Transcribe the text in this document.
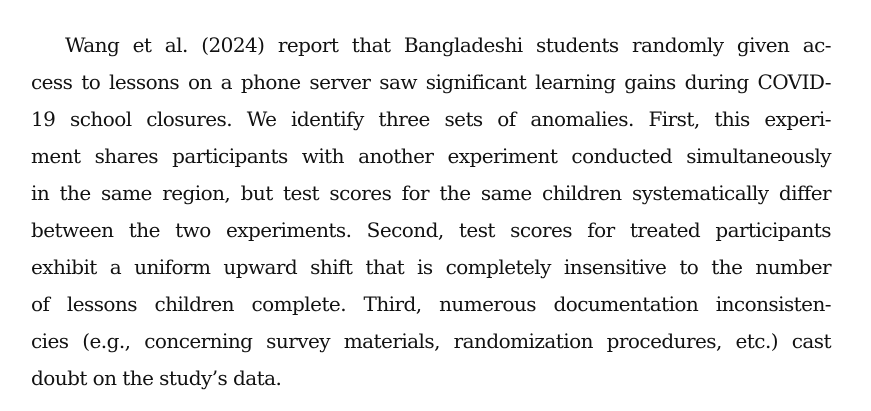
Wang et al. (2024) report that Bangladeshi students randomly given ac-
cess to lessons on a phone server saw significant learning gains during COVID-
19 school closures. We identify three sets of anomalies. First, this experi-
ment shares participants with another experiment conducted simultaneously
in the same region, but test scores for the same children systematically differ
between the two experiments. Second, test scores for treated participants
exhibit a uniform upward shift that is completely insensitive to the number
of lessons children complete. Third, numerous documentation inconsisten-
cies (e.g., concerning survey materials, randomization procedures, etc.) cast
doubt on the study’s data.
